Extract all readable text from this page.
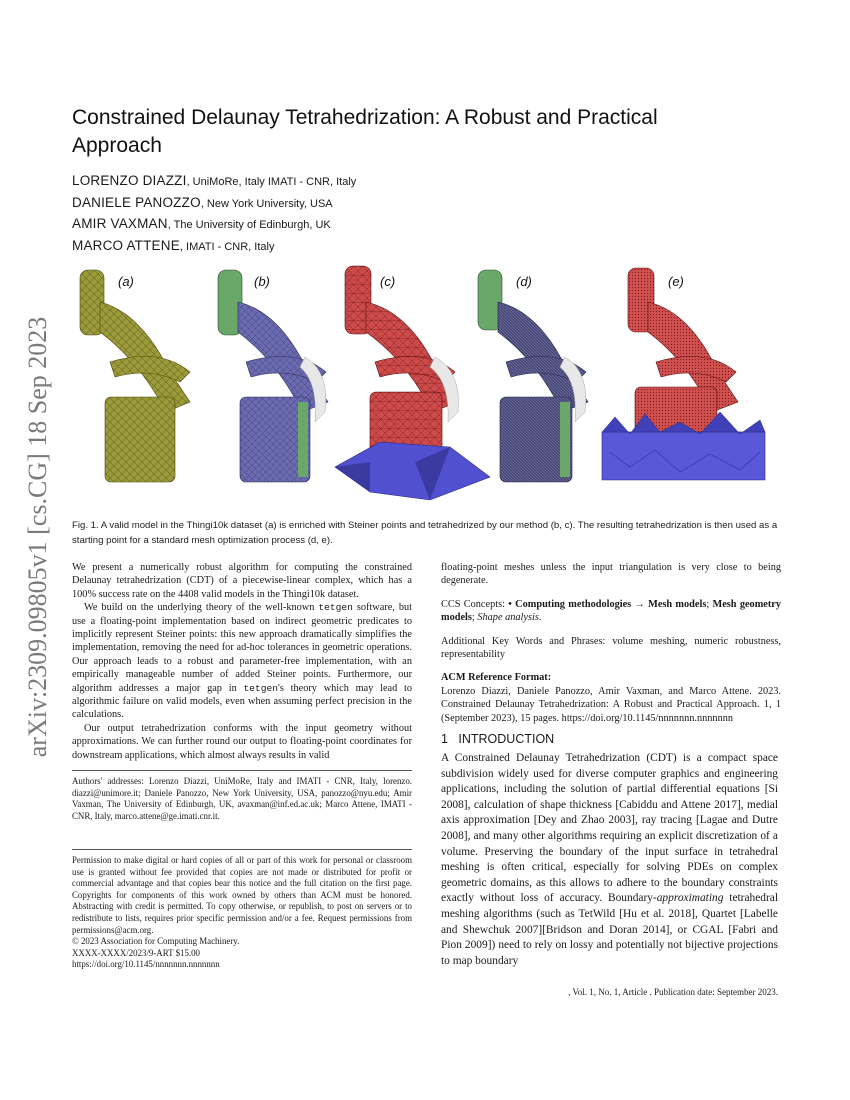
Constrained Delaunay Tetrahedrization: A Robust and Practical
Approach
LORENZO DIAZZI, UniMoRe, Italy IMATI - CNR, Italy
DANIELE PANOZZO, New York University, USA
AMIR VAXMAN, The University of Edinburgh, UK
MARCO ATTENE, IMATI - CNR, Italy
arXiv:2309.09805v1 [cs.CG] 18 Sep 2023
(a)	(b)	(c)	(d)	(e)
Fig. 1. A valid model in the Thingi10k dataset (a) is enriched with Steiner points and tetrahedrized by our method (b, c). The resulting tetrahedrization is then used as a starting point for a standard mesh optimization process (d, e).

We present a numerically robust algorithm for computing the constrained Delaunay tetrahedrization (CDT) of a piecewise-linear complex, which has a 100% success rate on the 4408 valid models in the Thingi10k dataset.

We build on the underlying theory of the well-known tetgen software, but use a floating-point implementation based on indirect geometric predicates to implicitly represent Steiner points: this new approach dramatically simplifies the implementation, removing the need for ad-hoc tolerances in geometric operations. Our approach leads to a robust and parameter-free implementation, with an empirically manageable number of added Steiner points. Furthermore, our algorithm addresses a major gap in tetgen's theory which may lead to algorithmic failure on valid models, even when assuming perfect precision in the calculations.

Our output tetrahedrization conforms with the input geometry without approximations. We can further round our output to floating-point coordinates for downstream applications, which almost always results in valid

floating-point meshes unless the input triangulation is very close to being degenerate.

CCS Concepts: • Computing methodologies → Mesh models; Mesh geometry models; Shape analysis.

Additional Key Words and Phrases: volume meshing, numeric robustness, representability

ACM Reference Format:

Lorenzo Diazzi, Daniele Panozzo, Amir Vaxman, and Marco Attene. 2023. Constrained Delaunay Tetrahedrization: A Robust and Practical Approach. 1, 1 (September 2023), 15 pages. https://doi.org/10.1145/nnnnnnn.nnnnnnn

Authors' addresses: Lorenzo Diazzi, UniMoRe, Italy and IMATI - CNR, Italy, lorenzo. diazzi@unimore.it; Daniele Panozzo, New York University, USA, panozzo@nyu.edu; Amir Vaxman, The University of Edinburgh, UK, avaxman@inf.ed.ac.uk; Marco Attene, IMATI - CNR, Italy, marco.attene@ge.imati.cnr.it.
Permission to make digital or hard copies of all or part of this work for personal or classroom use is granted without fee provided that copies are not made or distributed for profit or commercial advantage and that copies bear this notice and the full citation on the first page. Copyrights for components of this work owned by others than ACM must be honored. Abstracting with credit is permitted. To copy otherwise, or republish, to post on servers or to redistribute to lists, requires prior specific permission and/or a fee. Request permissions from permissions@acm.org.
© 2023 Association for Computing Machinery.
XXXX-XXXX/2023/9-ART $15.00
https://doi.org/10.1145/nnnnnnn.nnnnnnn
1 INTRODUCTION
A Constrained Delaunay Tetrahedrization (CDT) is a compact space subdivision widely used for diverse computer graphics and engineering applications, including the solution of partial differential equations [Si 2008], calculation of shape thickness [Cabiddu and Attene 2017], medial axis approximation [Dey and Zhao 2003], ray tracing [Lagae and Dutre 2008], and many other algorithms requiring an explicit discretization of a volume. Preserving the boundary of the input surface in tetrahedral meshing is often critical, especially for solving PDEs on complex geometric domains, as this allows to adhere to the boundary constraints exactly without loss of accuracy. Boundary-approximating tetrahedral meshing algorithms (such as TetWild [Hu et al. 2018], Quartet [Labelle and Shewchuk 2007][Bridson and Doran 2014], or CGAL [Fabri and Pion 2009]) need to rely on lossy and potentially not bijective projections to map boundary
, Vol. 1, No. 1, Article . Publication date: September 2023.
